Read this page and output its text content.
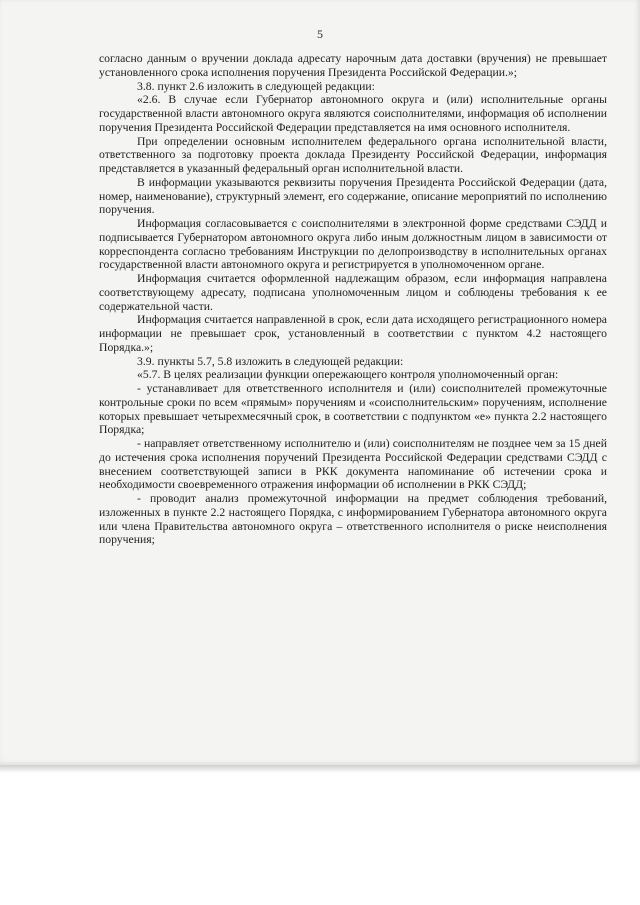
5

согласно данным о вручении доклада адресату нарочным дата доставки (вручения) не превышает установленного срока исполнения поручения Президента Российской Федерации.»;

3.8. пункт 2.6 изложить в следующей редакции:

«2.6. В случае если Губернатор автономного округа и (или) исполнительные органы государственной власти автономного округа являются соисполнителями, информация об исполнении поручения Президента Российской Федерации представляется на имя основного исполнителя.

При определении основным исполнителем федерального органа исполнительной власти, ответственного за подготовку проекта доклада Президенту Российской Федерации, информация представляется в указанный федеральный орган исполнительной власти.

В информации указываются реквизиты поручения Президента Российской Федерации (дата, номер, наименование), структурный элемент, его содержание, описание мероприятий по исполнению поручения.

Информация согласовывается с соисполнителями в электронной форме средствами СЭДД и подписывается Губернатором автономного округа либо иным должностным лицом в зависимости от корреспондента согласно требованиям Инструкции по делопроизводству в исполнительных органах государственной власти автономного округа и регистрируется в уполномоченном органе.

Информация считается оформленной надлежащим образом, если информация направлена соответствующему адресату, подписана уполномоченным лицом и соблюдены требования к ее содержательной части.

Информация считается направленной в срок, если дата исходящего регистрационного номера информации не превышает срок, установленный в соответствии с пунктом 4.2 настоящего Порядка.»;

3.9. пункты 5.7, 5.8 изложить в следующей редакции:

«5.7. В целях реализации функции опережающего контроля уполномоченный орган:

- устанавливает для ответственного исполнителя и (или) соисполнителей промежуточные контрольные сроки по всем «прямым» поручениям и «соисполнительским» поручениям, исполнение которых превышает четырехмесячный срок, в соответствии с подпунктом «е» пункта 2.2 настоящего Порядка;

- направляет ответственному исполнителю и (или) соисполнителям не позднее чем за 15 дней до истечения срока исполнения поручений Президента Российской Федерации средствами СЭДД с внесением соответствующей записи в РКК документа напоминание об истечении срока и необходимости своевременного отражения информации об исполнении в РКК СЭДД;

- проводит анализ промежуточной информации на предмет соблюдения требований, изложенных в пункте 2.2 настоящего Порядка, с информированием Губернатора автономного округа или члена Правительства автономного округа – ответственного исполнителя о риске неисполнения поручения;
